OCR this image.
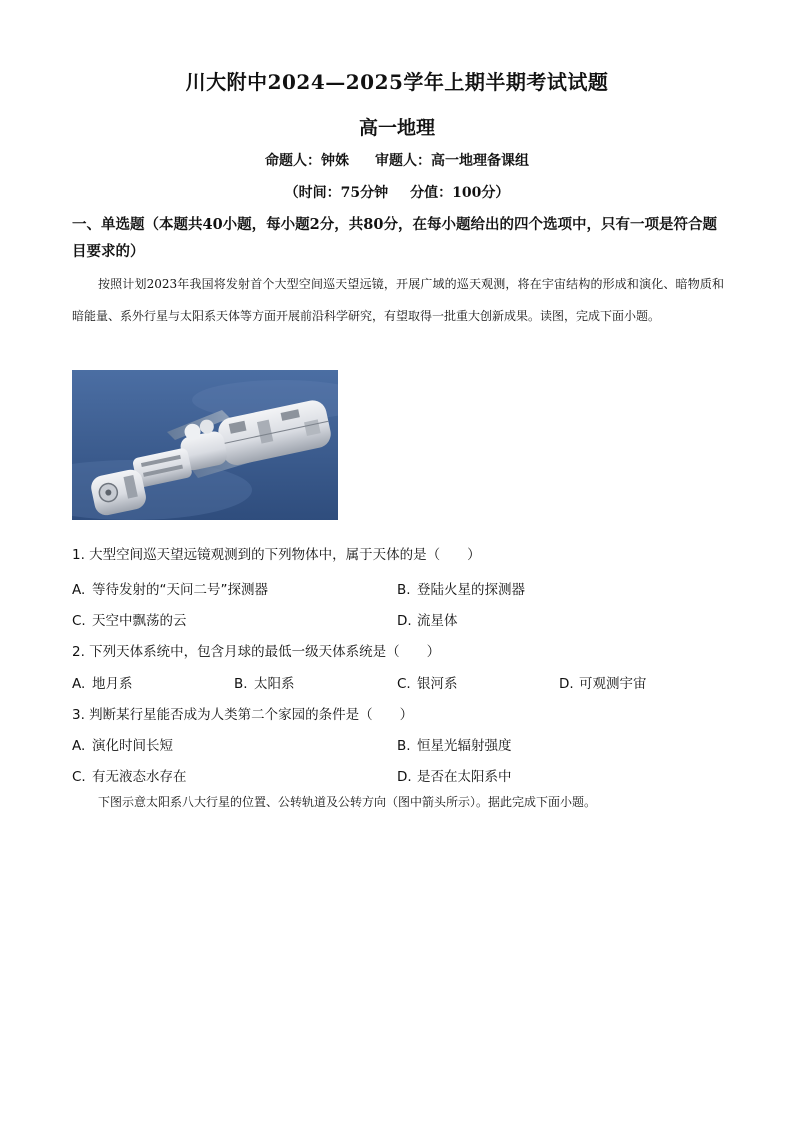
川大附中2024—2025学年上期半期考试试题
高一地理
命题人：钟姝 审题人：高一地理备课组
（时间：75分钟 分值：100分）
一、单选题（本题共40小题，每小题2分，共80分，在每小题给出的四个选项中，只有一项是符合题目要求的）
按照计划2023年我国将发射首个大型空间巡天望远镜，开展广域的巡天观测，将在宇宙结构的形成和演化、暗物质和暗能量、系外行星与太阳系天体等方面开展前沿科学研究，有望取得一批重大创新成果。读图，完成下面小题。
1. 大型空间巡天望远镜观测到的下列物体中，属于天体的是（　　）
A. 等待发射的“天问二号”探测器	B. 登陆火星的探测器
C. 天空中飘荡的云	D. 流星体
2. 下列天体系统中，包含月球的最低一级天体系统是（　　）
A. 地月系	B. 太阳系	C. 银河系	D. 可观测宇宙
3. 判断某行星能否成为人类第二个家园的条件是（　　）
A. 演化时间长短	B. 恒星光辐射强度
C. 有无液态水存在	D. 是否在太阳系中
下图示意太阳系八大行星的位置、公转轨道及公转方向（图中箭头所示）。据此完成下面小题。
